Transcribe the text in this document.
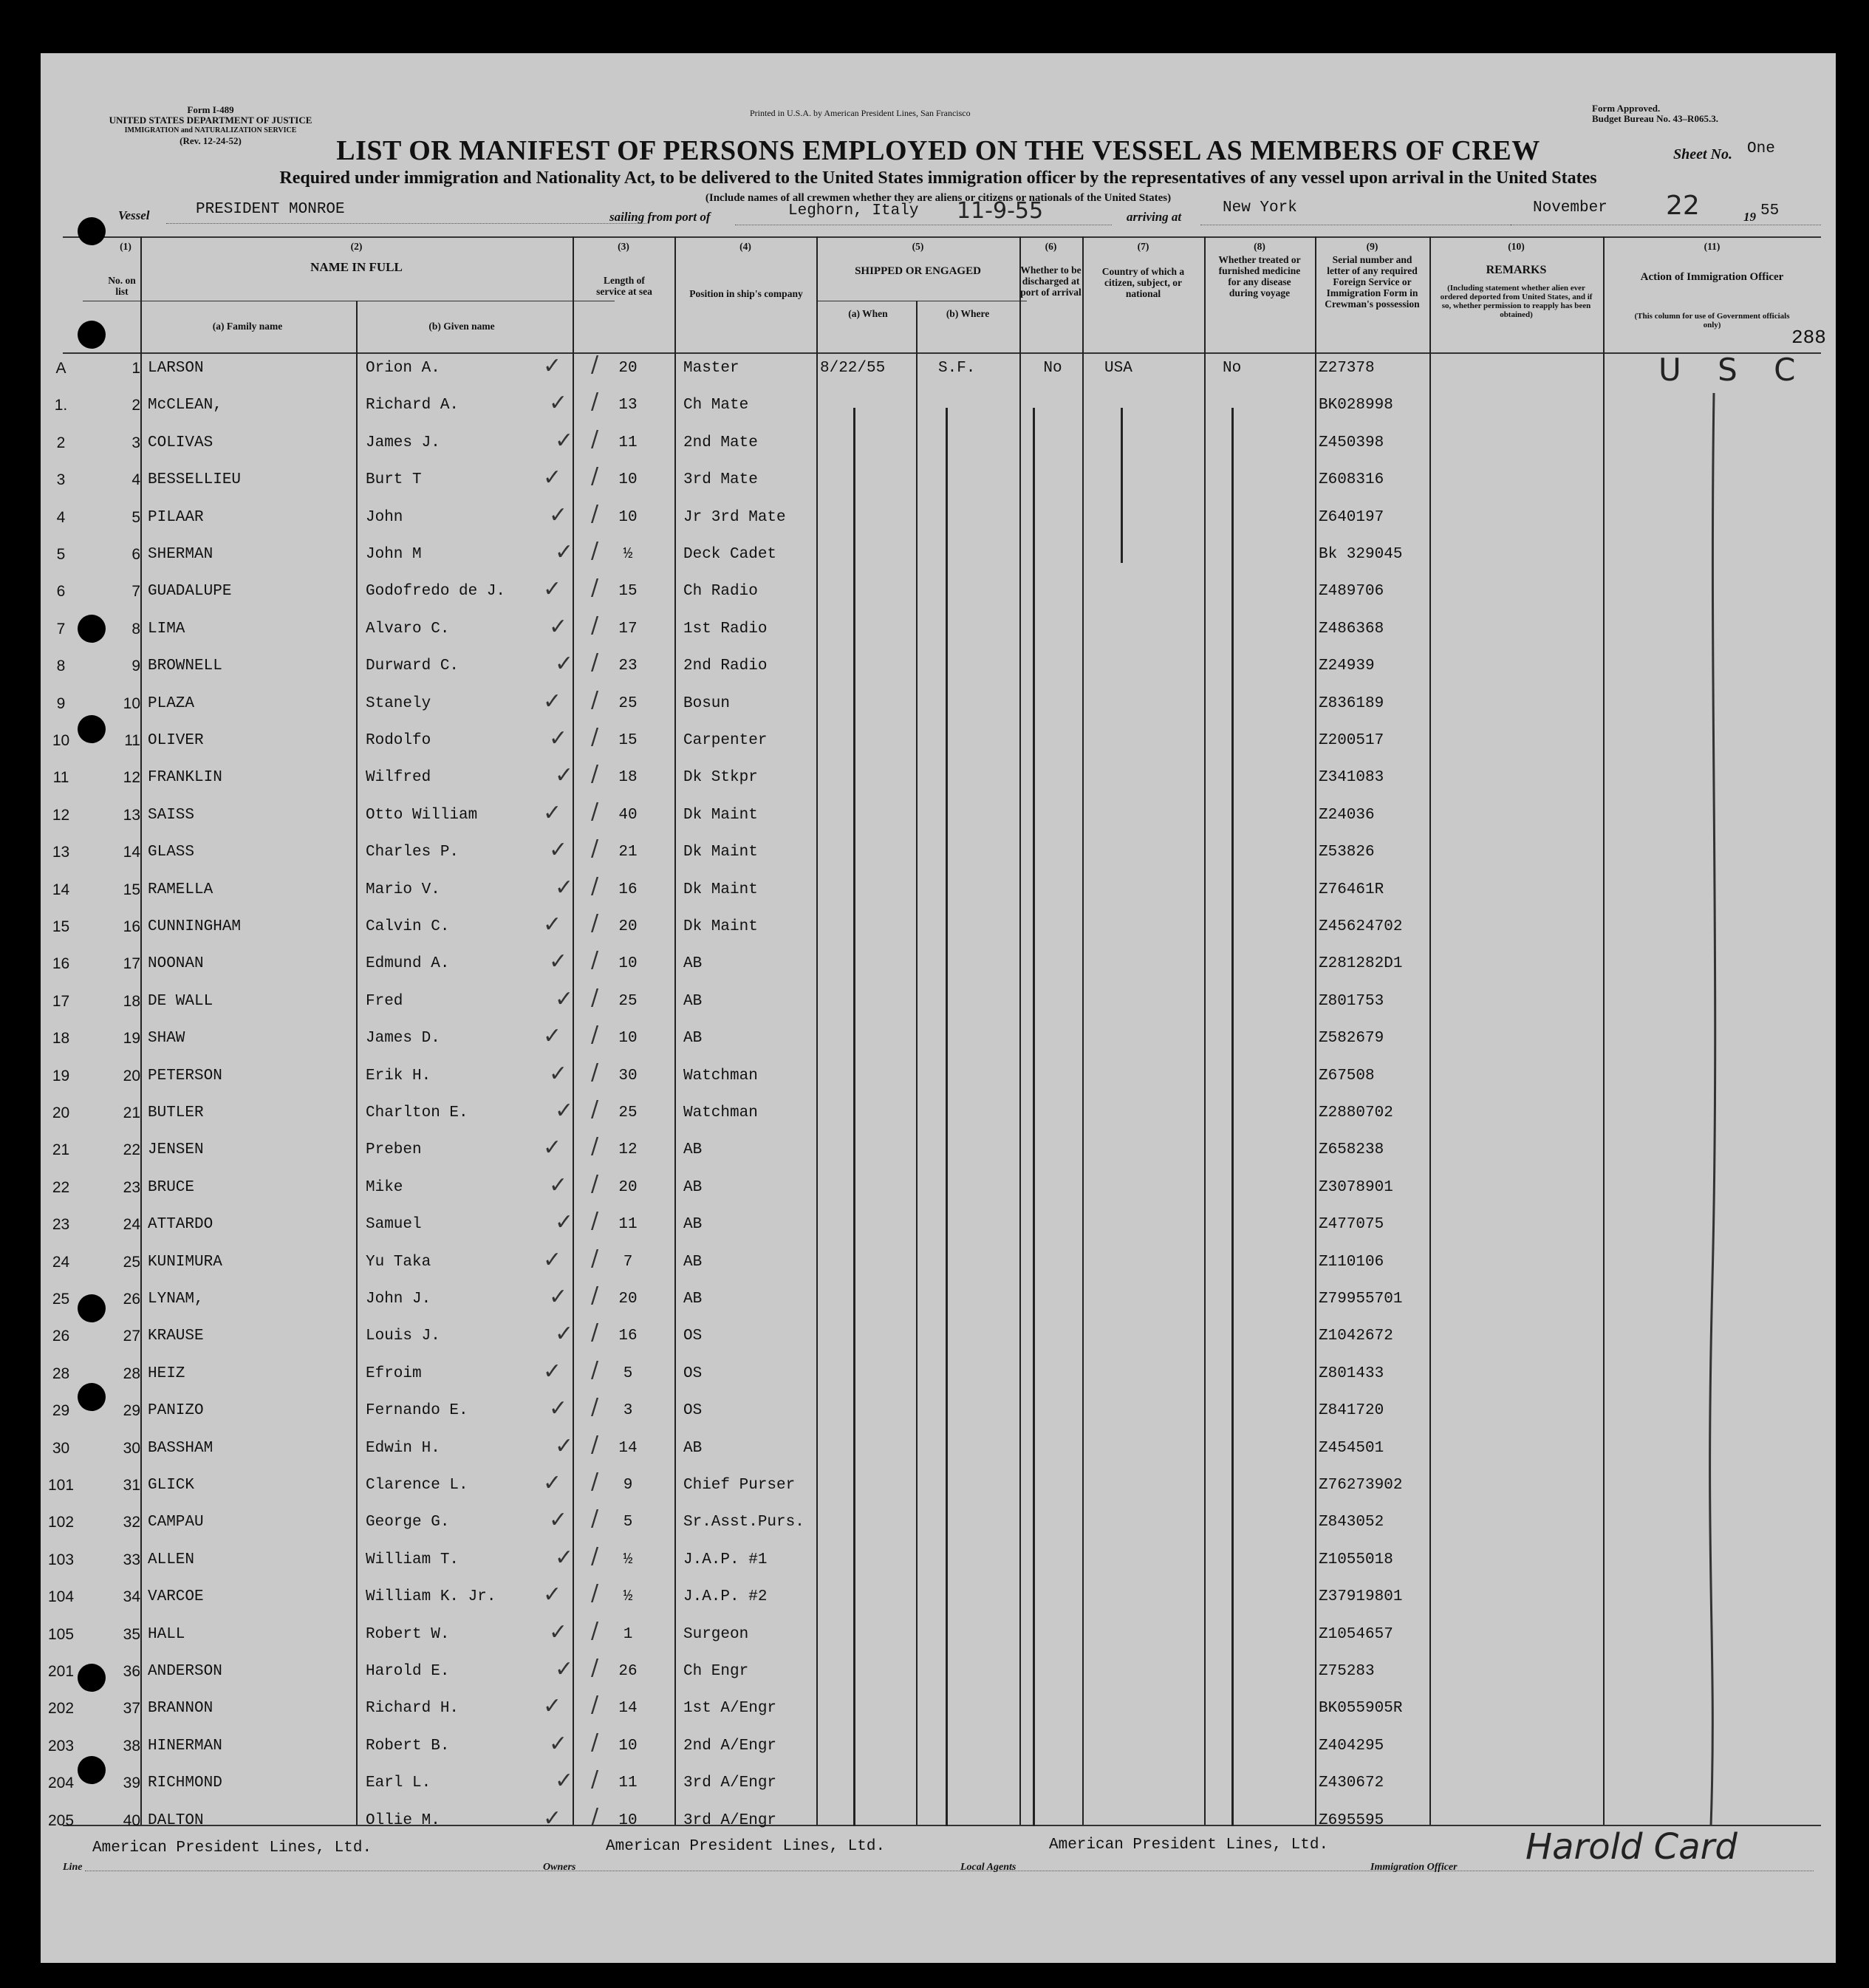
Form I-489
UNITED STATES DEPARTMENT OF JUSTICE
IMMIGRATION and NATURALIZATION SERVICE
(Rev. 12-24-52)
Printed in U.S.A. by American President Lines, San Francisco	Form Approved.
Budget Bureau No. 43–R065.3.
LIST OR MANIFEST OF PERSONS EMPLOYED ON THE VESSEL AS MEMBERS OF CREW	Sheet No. One
Required under immigration and Nationality Act, to be delivered to the United States immigration officer by the representatives of any vessel upon arrival in the United States
(Include names of all crewmen whether they are aliens or citizens or nationals of the United States)
Vessel	PRESIDENT MONROE	sailing from port of	Leghorn, Italy 11-9-55	arriving at
New York	November 22	19 55
(1)
No. on list
(2)
NAME IN FULL
(a) Family name	(b) Given name
(3)
Length of service at sea
(4)
Position in ship's company
(5)
SHIPPED OR ENGAGED
(a) When	(b) Where
(6)
Whether to be discharged at port of arrival
(7)
Country of which a citizen, subject, or national
(8)
Whether treated or furnished medicine for any disease during voyage
(9)
Serial number and letter of any required Foreign Service or Immigration Form in Crewman's possession
(10)
REMARKS
(Including statement whether alien ever ordered deported from United States, and if so, whether permission to reapply has been obtained)
(11)
Action of Immigration Officer
(This column for use of Government officials only)
288
U S C
A	1 LARSON	Orion A.	20	Master	8/22/55	S.F.	No	USA	No	Z27378
✓ /
1.	2 McCLEAN,	Richard A.	13	Ch Mate	BK028998
✓ /
2	3 COLIVAS	James J.	11	2nd Mate	Z450398
✓ /
3	4 BESSELLIEU	Burt T	10	3rd Mate	Z608316
✓ /
4	5 PILAAR	John	10	Jr 3rd Mate	Z640197
✓ /
5	6 SHERMAN	John M	½	Deck Cadet	Bk 329045
✓ /
6	7 GUADALUPE	Godofredo de J.	15	Ch Radio	Z489706
✓ /
7	8 LIMA	Alvaro C.	17	1st Radio	Z486368
✓ /
8	9 BROWNELL	Durward C.	23	2nd Radio	Z24939
✓ /
9	10 PLAZA	Stanely	25	Bosun	Z836189
✓ /
10	11 OLIVER	Rodolfo	15	Carpenter	Z200517
✓ /
11	12 FRANKLIN	Wilfred	18	Dk Stkpr	Z341083
✓ /
12	13 SAISS	Otto William	40	Dk Maint	Z24036
✓ /
13	14 GLASS	Charles P.	21	Dk Maint	Z53826
✓ /
14	15 RAMELLA	Mario V.	16	Dk Maint	Z76461R
✓ /
15	16 CUNNINGHAM	Calvin C.	20	Dk Maint	Z45624702
✓ /
16	17 NOONAN	Edmund A.	10	AB	Z281282D1
✓ /
17	18 DE WALL	Fred	25	AB	Z801753
✓ /
18	19 SHAW	James D.	10	AB	Z582679
✓ /
19	20 PETERSON	Erik H.	30	Watchman	Z67508
✓ /
20	21 BUTLER	Charlton E.	25	Watchman	Z2880702
✓ /
21	22 JENSEN	Preben	12	AB	Z658238
✓ /
22	23 BRUCE	Mike	20	AB	Z3078901
✓ /
23	24 ATTARDO	Samuel	11	AB	Z477075
✓ /
24	25 KUNIMURA	Yu Taka	7	AB	Z110106
✓ /
25	26 LYNAM,	John J.	20	AB	Z79955701
✓ /
26	27 KRAUSE	Louis J.	16	OS	Z1042672
✓ /
28	28 HEIZ	Efroim	5	OS	Z801433
✓ /
29	29 PANIZO	Fernando E.	3	OS	Z841720
✓ /
30	30 BASSHAM	Edwin H.	14	AB	Z454501
✓ /
101	31 GLICK	Clarence L.	9	Chief Purser	Z76273902
✓ /
102	32 CAMPAU	George G.	5	Sr.Asst.Purs.	Z843052
✓ /
103	33 ALLEN	William T.	½	J.A.P. #1	Z1055018
✓ /
104	34 VARCOE	William K. Jr.	½	J.A.P. #2	Z37919801
✓ /
105	35 HALL	Robert W.	1	Surgeon	Z1054657
✓ /
201	36 ANDERSON	Harold E.	26	Ch Engr	Z75283
✓ /
202	37 BRANNON	Richard H.	14	1st A/Engr	BK055905R
✓ /
203	38 HINERMAN	Robert B.	10	2nd A/Engr	Z404295
✓ /
204	39 RICHMOND	Earl L.	11	3rd A/Engr	Z430672
✓ /
205	40 DALTON	Ollie M.	10	3rd A/Engr	Z695595
✓ /
Line
American President Lines, Ltd.
Owners
American President Lines, Ltd.
Local Agents
American President Lines, Ltd.
Immigration Officer Harold Card
